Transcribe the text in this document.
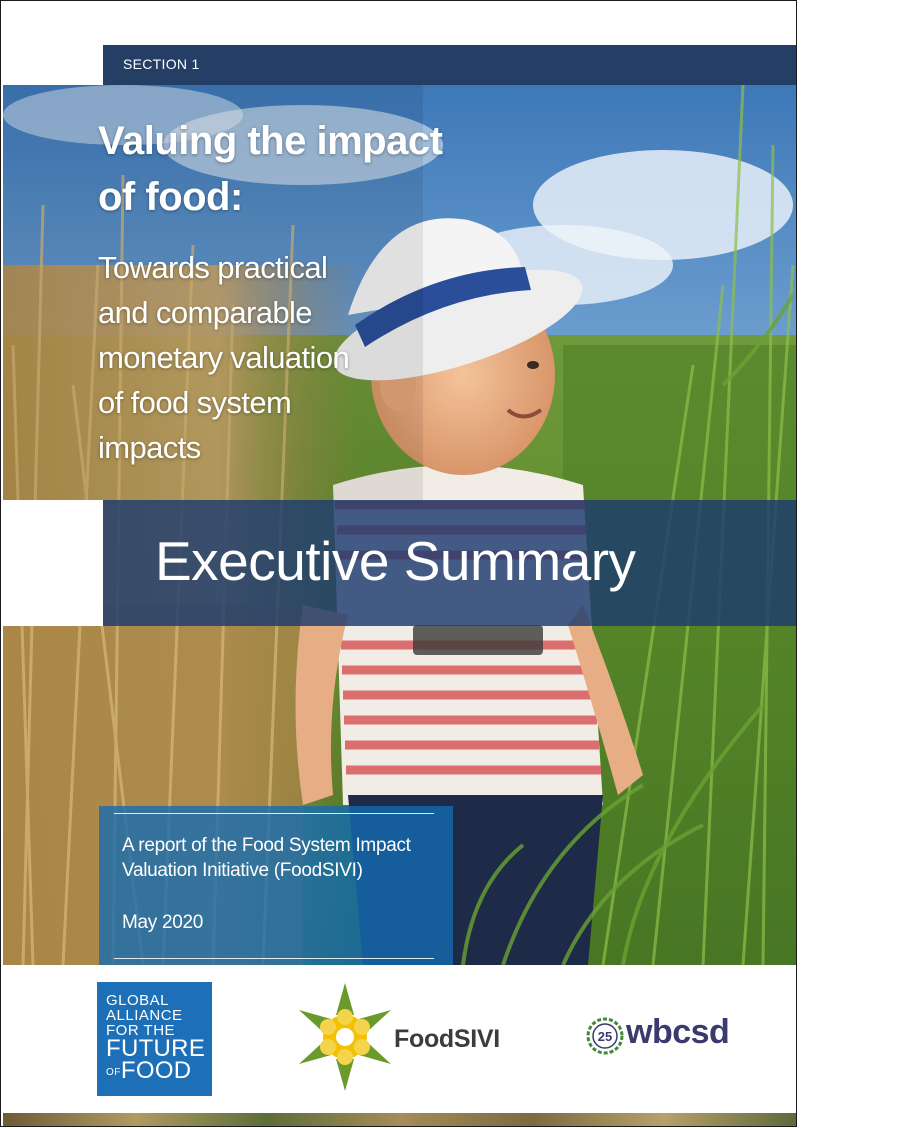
SECTION 1
Valuing the impact
of food:
Towards practical
and comparable
monetary valuation
of food system
impacts
Executive Summary
A report of the Food System Impact
Valuation Initiative (FoodSIVI)
May 2020
GLOBAL
ALLIANCE
FOR THE
FUTURE
OFFOOD
FoodSIVI	25 wbcsd
